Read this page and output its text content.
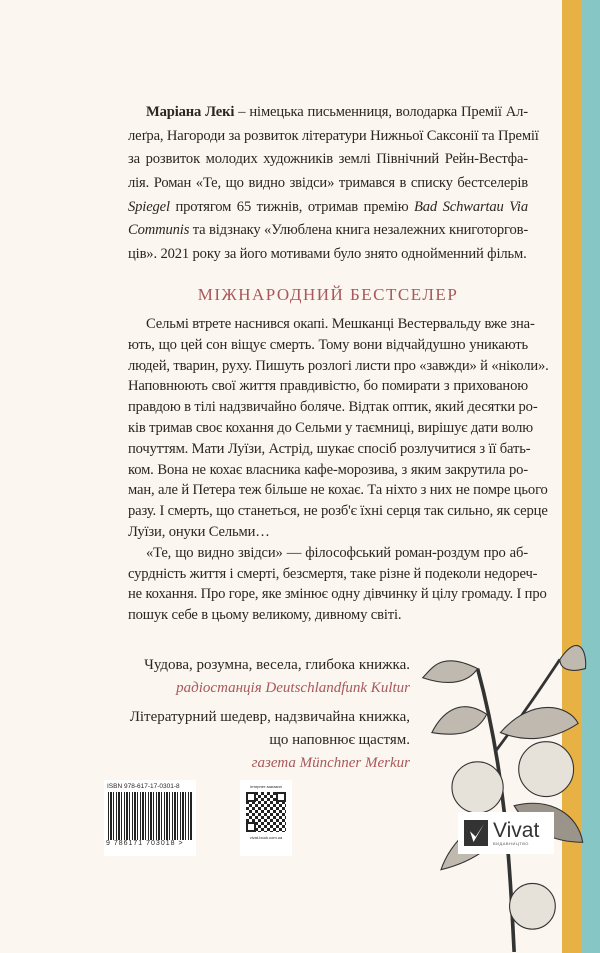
Маріана Лекі – німецька письменниця, володарка Премії Ал-
леґра, Нагороди за розвиток літератури Нижньої Саксонії та Премії
за розвиток молодих художників землі Північний Рейн-Вестфа-
лія. Роман «Те, що видно звідси» тримався в списку бестселерів
Spiegel протягом 65 тижнів, отримав премію Bad Schwartau Via
Communis та відзнаку «Улюблена книга незалежних книготоргов-
ців». 2021 року за його мотивами було знято однойменний фільм.
МІЖНАРОДНИЙ БЕСТСЕЛЕР
Сельмі втрете наснився окапі. Мешканці Вестервальду вже зна-
ють, що цей сон віщує смерть. Тому вони відчайдушно уникають
людей, тварин, руху. Пишуть розлогі листи про «завжди» й «ніколи».
Наповнюють свої життя правдивістю, бо помирати з прихованою
правдою в тілі надзвичайно боляче. Відтак оптик, який десятки ро-
ків тримав своє кохання до Сельми у таємниці, вирішує дати волю
почуттям. Мати Луїзи, Астрід, шукає спосіб розлучитися з її бать-
ком. Вона не кохає власника кафе-морозива, з яким закрутила ро-
ман, але й Петера теж більше не кохає. Та ніхто з них не помре цього
разу. І смерть, що станеться, не розб'є їхні серця так сильно, як серце
Луїзи, онуки Сельми…
«Те, що видно звідси» — філософський роман-роздум про аб-
сурдність життя і смерті, безсмертя, таке різне й подеколи недореч-
не кохання. Про горе, яке змінює одну дівчинку й цілу громаду. І про
пошук себе в цьому великому, дивному світі.
Чудова, розумна, весела, глибока книжка.
радіостанція Deutschlandfunk Kultur
Літературний шедевр, надзвичайна книжка,
що наповнює щастям.
газета Münchner Merkur
ISBN 978-617-17-0301-8
9 786171 703018 >
інтернет-магазин
vivat-book.com.ua	Vivat
ВИДАВНИЦТВО
